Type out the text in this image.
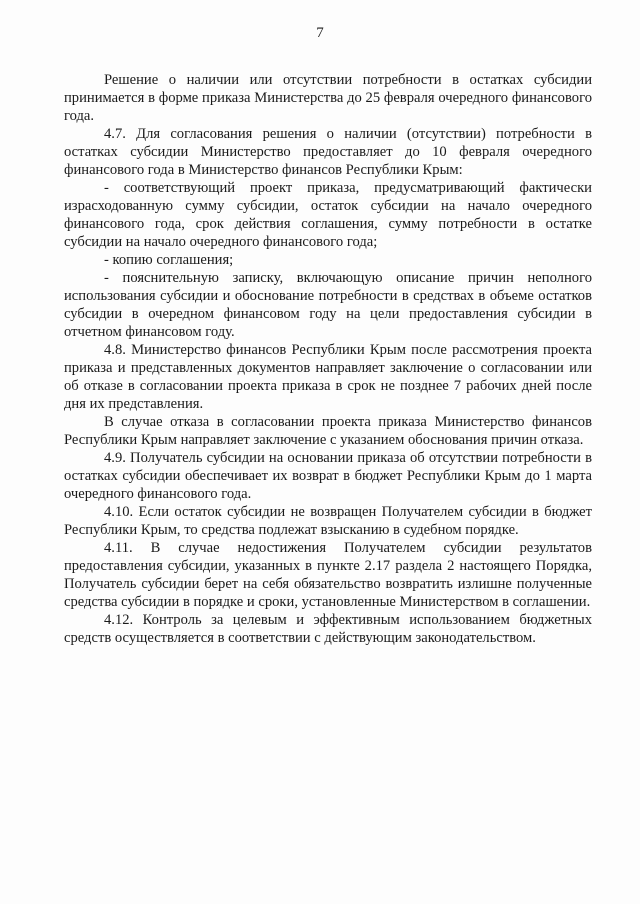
7

Решение о наличии или отсутствии потребности в остатках субсидии принимается в форме приказа Министерства до 25 февраля очередного финансового года.

4.7. Для согласования решения о наличии (отсутствии) потребности в остатках субсидии Министерство предоставляет до 10 февраля очередного финансового года в Министерство финансов Республики Крым:

- соответствующий проект приказа, предусматривающий фактически израсходованную сумму субсидии, остаток субсидии на начало очередного финансового года, срок действия соглашения, сумму потребности в остатке субсидии на начало очередного финансового года;

- копию соглашения;

- пояснительную записку, включающую описание причин неполного использования субсидии и обоснование потребности в средствах в объеме остатков субсидии в очередном финансовом году на цели предоставления субсидии в отчетном финансовом году.

4.8. Министерство финансов Республики Крым после рассмотрения проекта приказа и представленных документов направляет заключение о согласовании или об отказе в согласовании проекта приказа в срок не позднее 7 рабочих дней после дня их представления.

В случае отказа в согласовании проекта приказа Министерство финансов Республики Крым направляет заключение с указанием обоснования причин отказа.

4.9. Получатель субсидии на основании приказа об отсутствии потребности в остатках субсидии обеспечивает их возврат в бюджет Республики Крым до 1 марта очередного финансового года.

4.10. Если остаток субсидии не возвращен Получателем субсидии в бюджет Республики Крым, то средства подлежат взысканию в судебном порядке.

4.11. В случае недостижения Получателем субсидии результатов предоставления субсидии, указанных в пункте 2.17 раздела 2 настоящего Порядка, Получатель субсидии берет на себя обязательство возвратить излишне полученные средства субсидии в порядке и сроки, установленные Министерством в соглашении.

4.12. Контроль за целевым и эффективным использованием бюджетных средств осуществляется в соответствии с действующим законодательством.
